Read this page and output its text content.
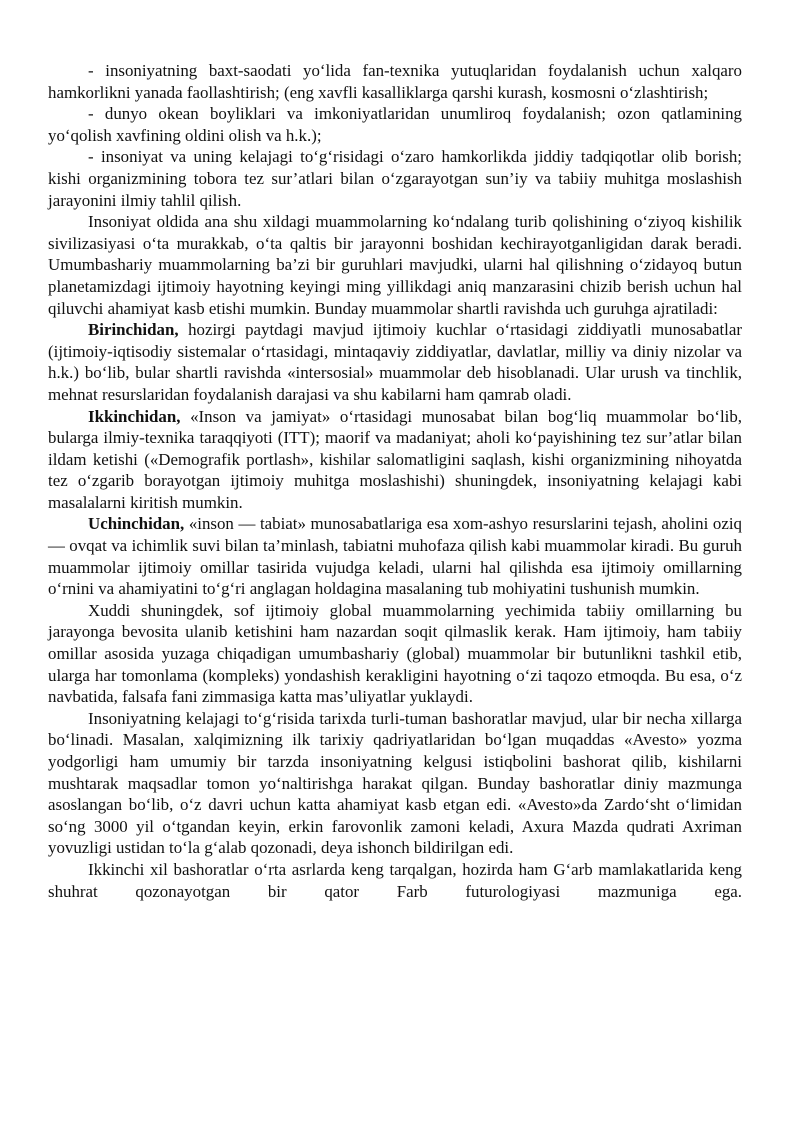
- insoniyatning baxt-saodati yo‘lida fan-texnika yutuqlaridan foydalanish uchun xalqaro hamkorlikni yanada faollashtirish; (eng xavfli kasalliklarga qarshi kurash, kosmosni o‘zlashtirish;

- dunyo okean boyliklari va imkoniyatlaridan unumliroq foydalanish; ozon qatlamining yo‘qolish xavfining oldini olish va h.k.);

- insoniyat va uning kelajagi to‘g‘risidagi o‘zaro hamkorlikda jiddiy tadqiqotlar olib borish; kishi organizmining tobora tez sur’atlari bilan o‘zgarayotgan sun’iy va tabiiy muhitga moslashish jarayonini ilmiy tahlil qilish.

Insoniyat oldida ana shu xildagi muammolarning ko‘ndalang turib qolishining o‘ziyoq kishilik sivilizasiyasi o‘ta murakkab, o‘ta qaltis bir jarayonni boshidan kechirayotganligidan darak beradi. Umumbashariy muammolarning ba’zi bir guruhlari mavjudki, ularni hal qilishning o‘zidayoq butun planetamizdagi ijtimoiy hayotning keyingi ming yillikdagi aniq manzarasini chizib berish uchun hal qiluvchi ahamiyat kasb etishi mumkin. Bunday muammolar shartli ravishda uch guruhga ajratiladi:

Birinchidan, hozirgi paytdagi mavjud ijtimoiy kuchlar o‘rtasidagi ziddiyatli munosabatlar (ijtimoiy-iqtisodiy sistemalar o‘rtasidagi, mintaqaviy ziddiyatlar, davlatlar, milliy va diniy nizolar va h.k.) bo‘lib, bular shartli ravishda «intersosial» muammolar deb hisoblanadi. Ular urush va tinchlik, mehnat resurslaridan foydalanish darajasi va shu kabilarni ham qamrab oladi.

Ikkinchidan, «Inson va jamiyat» o‘rtasidagi munosabat bilan bog‘liq muammolar bo‘lib, bularga ilmiy-texnika taraqqiyoti (ITT); maorif va madaniyat; aholi ko‘payishining tez sur’atlar bilan ildam ketishi («Demografik portlash», kishilar salomatligini saqlash, kishi organizmining nihoyatda tez o‘zgarib borayotgan ijtimoiy muhitga moslashishi) shuningdek, insoniyatning kelajagi kabi masalalarni kiritish mumkin.

Uchinchidan, «inson — tabiat» munosabatlariga esa xom-ashyo resurslarini tejash, aholini oziq — ovqat va ichimlik suvi bilan ta’minlash, tabiatni muhofaza qilish kabi muammolar kiradi. Bu guruh muammolar ijtimoiy omillar tasirida vujudga keladi, ularni hal qilishda esa ijtimoiy omillarning o‘rnini va ahamiyatini to‘g‘ri anglagan holdagina masalaning tub mohiyatini tushunish mumkin.

Xuddi shuningdek, sof ijtimoiy global muammolarning yechimida tabiiy omillarning bu jarayonga bevosita ulanib ketishini ham nazardan soqit qilmaslik kerak. Ham ijtimoiy, ham tabiiy omillar asosida yuzaga chiqadigan umumbashariy (global) muammolar bir butunlikni tashkil etib, ularga har tomonlama (kompleks) yondashish kerakligini hayotning o‘zi taqozo etmoqda. Bu esa, o‘z navbatida, falsafa fani zimmasiga katta mas’uliyatlar yuklaydi.

Insoniyatning kelajagi to‘g‘risida tarixda turli-tuman bashoratlar mavjud, ular bir necha xillarga bo‘linadi. Masalan, xalqimizning ilk tarixiy qadriyatlaridan bo‘lgan muqaddas «Avesto» yozma yodgorligi ham umumiy bir tarzda insoniyatning kelgusi istiqbolini bashorat qilib, kishilarni mushtarak maqsadlar tomon yo‘naltirishga harakat qilgan. Bunday bashoratlar diniy mazmunga asoslangan bo‘lib, o‘z davri uchun katta ahamiyat kasb etgan edi. «Avesto»da Zardo‘sht o‘limidan so‘ng 3000 yil o‘tgandan keyin, erkin farovonlik zamoni keladi, Axura Mazda qudrati Axriman yovuzligi ustidan to‘la g‘alab qozonadi, deya ishonch bildirilgan edi.

Ikkinchi xil bashoratlar o‘rta asrlarda keng tarqalgan, hozirda ham G‘arb mamlakatlarida keng shuhrat qozonayotgan bir qator Farb futurologiyasi mazmuniga ega.
